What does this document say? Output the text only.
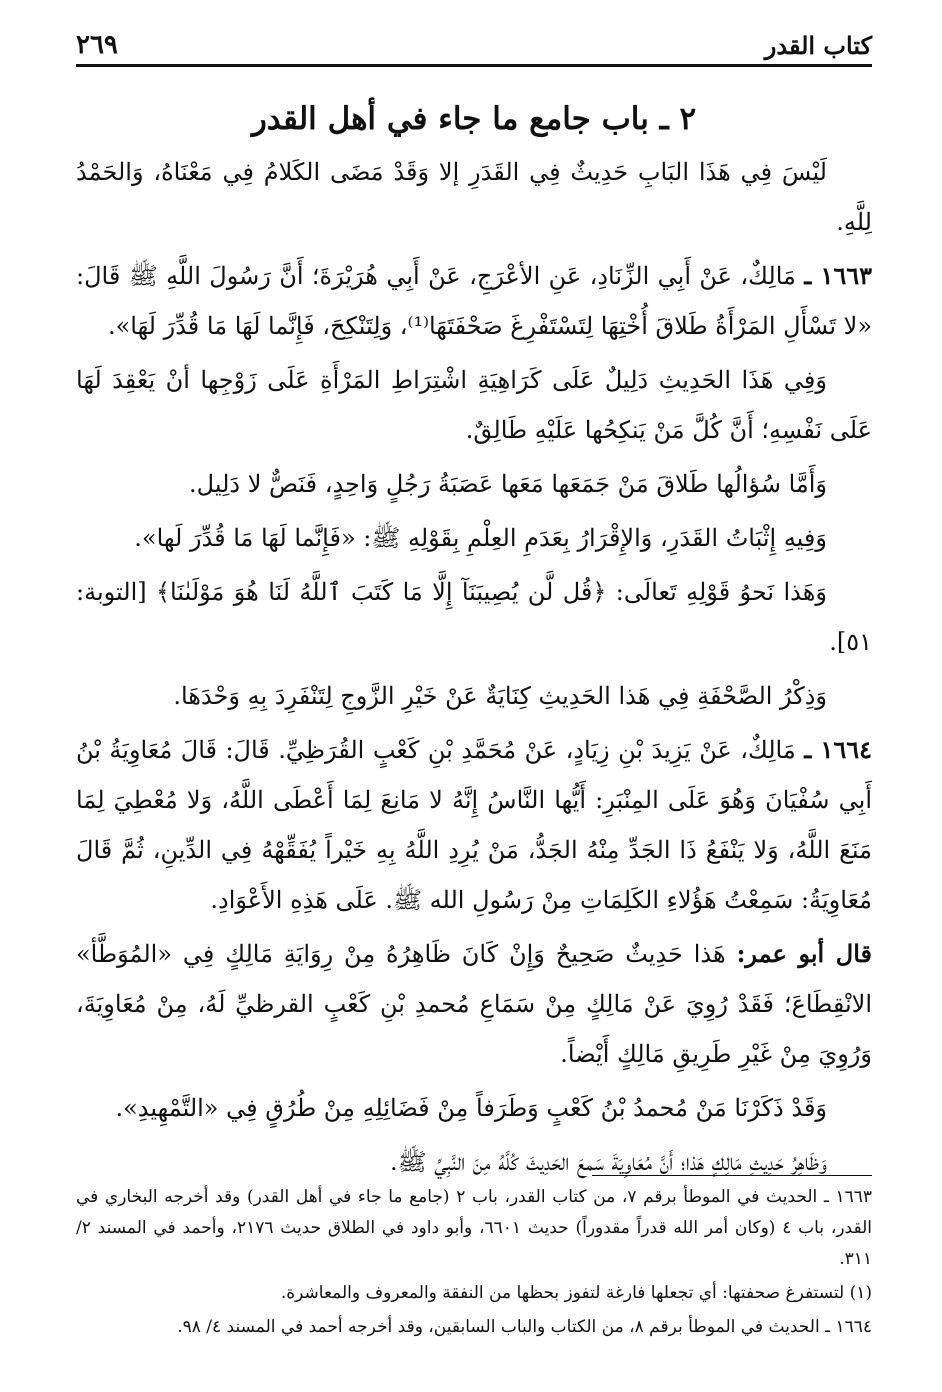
كتاب القدر
٢٦٩
٢ ـ باب جامع ما جاء في أهل القدر

لَيْسَ فِي هَذَا البَابِ حَدِيثٌ فِي القَدَرِ إلا وَقَدْ مَضَى الكَلامُ فِي مَعْنَاهُ، وَالحَمْدُ لِلَّهِ.

١٦٦٣ ـ مَالِكٌ، عَنْ أَبِي الزِّنَادِ، عَنِ الأعْرَجِ، عَنْ أَبِي هُرَيْرَةَ؛ أَنَّ رَسُولَ اللَّهِ ﷺ قَالَ: «لا تَسْأَلِ المَرْأَةُ طَلاقَ أُخْتِهَا لِتَسْتَفْرِغَ صَحْفَتَهَا⁽¹⁾، وَلِتَنْكِحَ، فَإِنَّما لَهَا مَا قُدِّرَ لَهَا».

وَفِي هَذَا الحَدِيثِ دَلِيلٌ عَلَى كَرَاهِيَةِ اشْتِرَاطِ المَرْأَةِ عَلَى زَوْجِها أنْ يَعْقِدَ لَهَا عَلَى نَفْسِهِ؛ أَنَّ كُلَّ مَنْ يَنكِحُها عَلَيْهِ طَالِقٌ.

وَأَمَّا سُؤالُها طَلاقَ مَنْ جَمَعَها مَعَها عَصَبَةُ رَجُلٍ وَاحِدٍ، فَنَصٌّ لا دَلِيل.

وَفِيهِ إِثْبَاتُ القَدَرِ، وَالإِقْرَارُ بِعَدَمِ العِلْمِ بِقَوْلِهِ ﷺ: «فَإِنَّما لَهَا مَا قُدِّرَ لَها».

وَهَذا نَحوُ قَوْلِهِ تَعالَى: ﴿قُل لَّن يُصِيبَنَآ إِلَّا مَا كَتَبَ ٱللَّهُ لَنَا هُوَ مَوْلَىٰنَا﴾ [التوبة: ٥١].

وَذِكْرُ الصَّحْفَةِ فِي هَذا الحَدِيثِ كِنَايَةٌ عَنْ خَيْرِ الزَّوجِ لِتَنْفَرِدَ بِهِ وَحْدَهَا.

١٦٦٤ ـ مَالِكٌ، عَنْ يَزِيدَ بْنِ زِيَادٍ، عَنْ مُحَمَّدِ بْنِ كَعْبٍ القُرَظِيِّ. قَالَ: قَالَ مُعَاوِيَةُ بْنُ أَبِي سُفْيَانَ وَهُوَ عَلَى المِنْبَرِ: أَيُّها النَّاسُ إِنَّهُ لا مَانِعَ لِمَا أَعْطَى اللَّهُ، وَلا مُعْطِيَ لِمَا مَنَعَ اللَّهُ، وَلا يَنْفَعُ ذَا الجَدِّ مِنْهُ الجَدُّ، مَنْ يُرِدِ اللَّهُ بِهِ خَيْراً يُفَقِّهْهُ فِي الدِّينِ، ثُمَّ قَالَ مُعَاوِيَةُ: سَمِعْتُ هَؤُلاءِ الكَلِمَاتِ مِنْ رَسُولِ الله ﷺ. عَلَى هَذِهِ الأَعْوَادِ.

قال أبو عمر: هَذا حَدِيثٌ صَحِيحٌ وَإِنْ كَانَ ظَاهِرُهُ مِنْ رِوَايَةِ مَالِكٍ فِي «المُوَطَّأ» الانْقِطَاعَ؛ فَقَدْ رُوِيَ عَنْ مَالِكٍ مِنْ سَمَاعِ مُحمدِ بْنِ كَعْبٍ القرظيِّ لَهُ، مِنْ مُعَاوِيَةَ، وَرُوِيَ مِنْ غَيْرِ طَرِيقِ مَالِكٍ أَيْضاً.

وَقَدْ ذَكَرْنَا مَنْ مُحمدُ بْنُ كَعْبٍ وَطَرَفاً مِنْ فَضَائِلِهِ مِنْ طُرُقٍ فِي «التَّمْهِيدِ».

وَظَاهِرُ حَدِيثِ مَالِكٍ هَذا؛ أَنَّ مُعَاوِيَةَ سَمعَ الحَدِيثَ كُلَّهُ مِنَ النَّبِيِّ ﷺ.

١٦٦٣ ـ الحديث في الموطأ برقم ٧، من كتاب القدر، باب ٢ (جامع ما جاء في أهل القدر) وقد أخرجه البخاري في القدر، باب ٤ (وكان أمر الله قدراً مقدوراً) حديث ٦٦٠١، وأبو داود في الطلاق حديث ٢١٧٦، وأحمد في المسند ٢/ ٣١١.

(١) لتستفرغ صحفتها: أي تجعلها فارغة لتفوز بحظها من النفقة والمعروف والمعاشرة.

١٦٦٤ ـ الحديث في الموطأ برقم ٨، من الكتاب والباب السابقين، وقد أخرجه أحمد في المسند ٤/ ٩٨.
